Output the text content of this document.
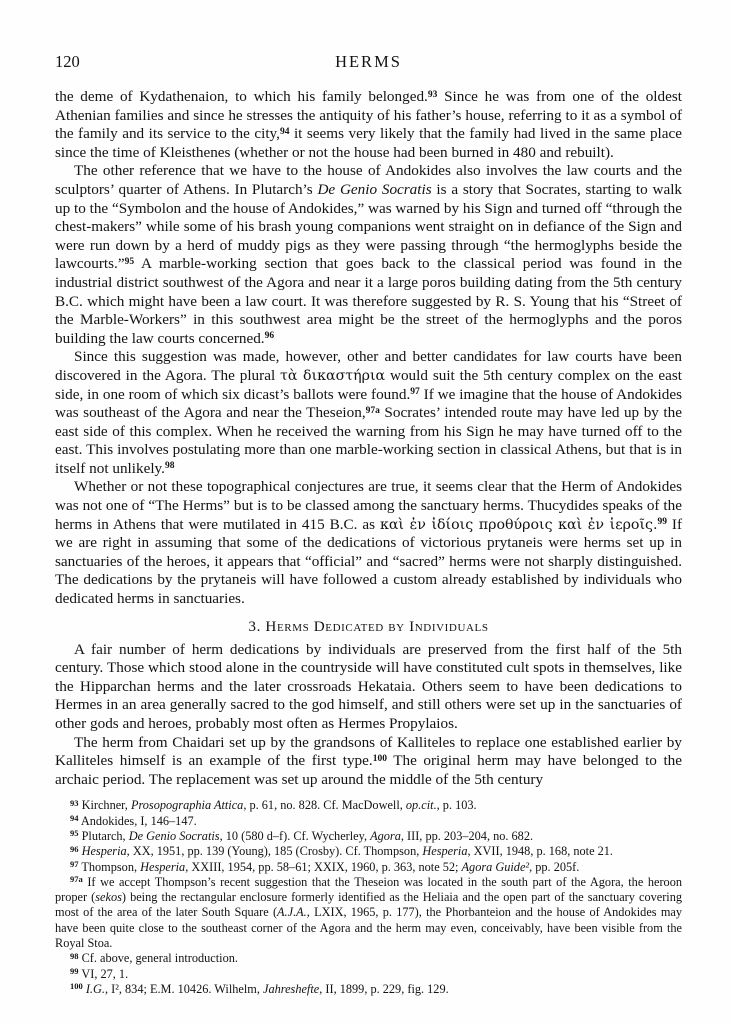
120	HERMS

the deme of Kydathenaion, to which his family belonged.$^{93}$ Since he was from one of the oldest Athenian families and since he stresses the antiquity of his father’s house, referring to it as a symbol of the family and its service to the city,$^{94}$ it seems very likely that the family had lived in the same place since the time of Kleisthenes (whether or not the house had been burned in 480 and rebuilt).

The other reference that we have to the house of Andokides also involves the law courts and the sculptors’ quarter of Athens. In Plutarch’s De Genio Socratis is a story that Socrates, starting to walk up to the “Symbolon and the house of Andokides,” was warned by his Sign and turned off “through the chest-makers” while some of his brash young companions went straight on in defiance of the Sign and were run down by a herd of muddy pigs as they were passing through “the hermoglyphs beside the lawcourts.”$^{95}$ A marble-working section that goes back to the classical period was found in the industrial district southwest of the Agora and near it a large poros building dating from the 5th century B.C. which might have been a law court. It was therefore suggested by R. S. Young that his “Street of the Marble-Workers” in this southwest area might be the street of the hermoglyphs and the poros building the law courts concerned.$^{96}$

Since this suggestion was made, however, other and better candidates for law courts have been discovered in the Agora. The plural τὰ δικαστήρια would suit the 5th century complex on the east side, in one room of which six dicast’s ballots were found.$^{97}$ If we imagine that the house of Andokides was southeast of the Agora and near the Theseion,$^{97a}$ Socrates’ intended route may have led up by the east side of this complex. When he received the warning from his Sign he may have turned off to the east. This involves postulating more than one marble-working section in classical Athens, but that is in itself not unlikely.$^{98}$

Whether or not these topographical conjectures are true, it seems clear that the Herm of Andokides was not one of “The Herms” but is to be classed among the sanctuary herms. Thucydides speaks of the herms in Athens that were mutilated in 415 B.C. as καὶ ἐν ἰδίοις προθύροις καὶ ἐν ἱεροῖς.$^{99}$ If we are right in assuming that some of the dedications of victorious prytaneis were herms set up in sanctuaries of the heroes, it appears that “official” and “sacred” herms were not sharply distinguished. The dedications by the prytaneis will have followed a custom already established by individuals who dedicated herms in sanctuaries.

3. Herms Dedicated by Individuals

A fair number of herm dedications by individuals are preserved from the first half of the 5th century. Those which stood alone in the countryside will have constituted cult spots in themselves, like the Hipparchan herms and the later crossroads Hekataia. Others seem to have been dedications to Hermes in an area generally sacred to the god himself, and still others were set up in the sanctuaries of other gods and heroes, probably most often as Hermes Propylaios.

The herm from Chaidari set up by the grandsons of Kalliteles to replace one established earlier by Kalliteles himself is an example of the first type.$^{100}$ The original herm may have belonged to the archaic period. The replacement was set up around the middle of the 5th century

$^{93}$ Kirchner, Prosopographia Attica, p. 61, no. 828. Cf. MacDowell, op.cit., p. 103.

$^{94}$ Andokides, I, 146–147.

$^{95}$ Plutarch, De Genio Socratis, 10 (580 d–f). Cf. Wycherley, Agora, III, pp. 203–204, no. 682.

$^{96}$ Hesperia, XX, 1951, pp. 139 (Young), 185 (Crosby). Cf. Thompson, Hesperia, XVII, 1948, p. 168, note 21.

$^{97}$ Thompson, Hesperia, XXIII, 1954, pp. 58–61; XXIX, 1960, p. 363, note 52; Agora Guide², pp. 205f.

$^{97a}$ If we accept Thompson’s recent suggestion that the Theseion was located in the south part of the Agora, the heroon proper (sekos) being the rectangular enclosure formerly identified as the Heliaia and the open part of the sanctuary covering most of the area of the later South Square (A.J.A., LXIX, 1965, p. 177), the Phorbanteion and the house of Andokides may have been quite close to the southeast corner of the Agora and the herm may even, conceivably, have been visible from the Royal Stoa.

$^{98}$ Cf. above, general introduction.

$^{99}$ VI, 27, 1.

$^{100}$ I.G., I², 834; E.M. 10426. Wilhelm, Jahreshefte, II, 1899, p. 229, fig. 129.
